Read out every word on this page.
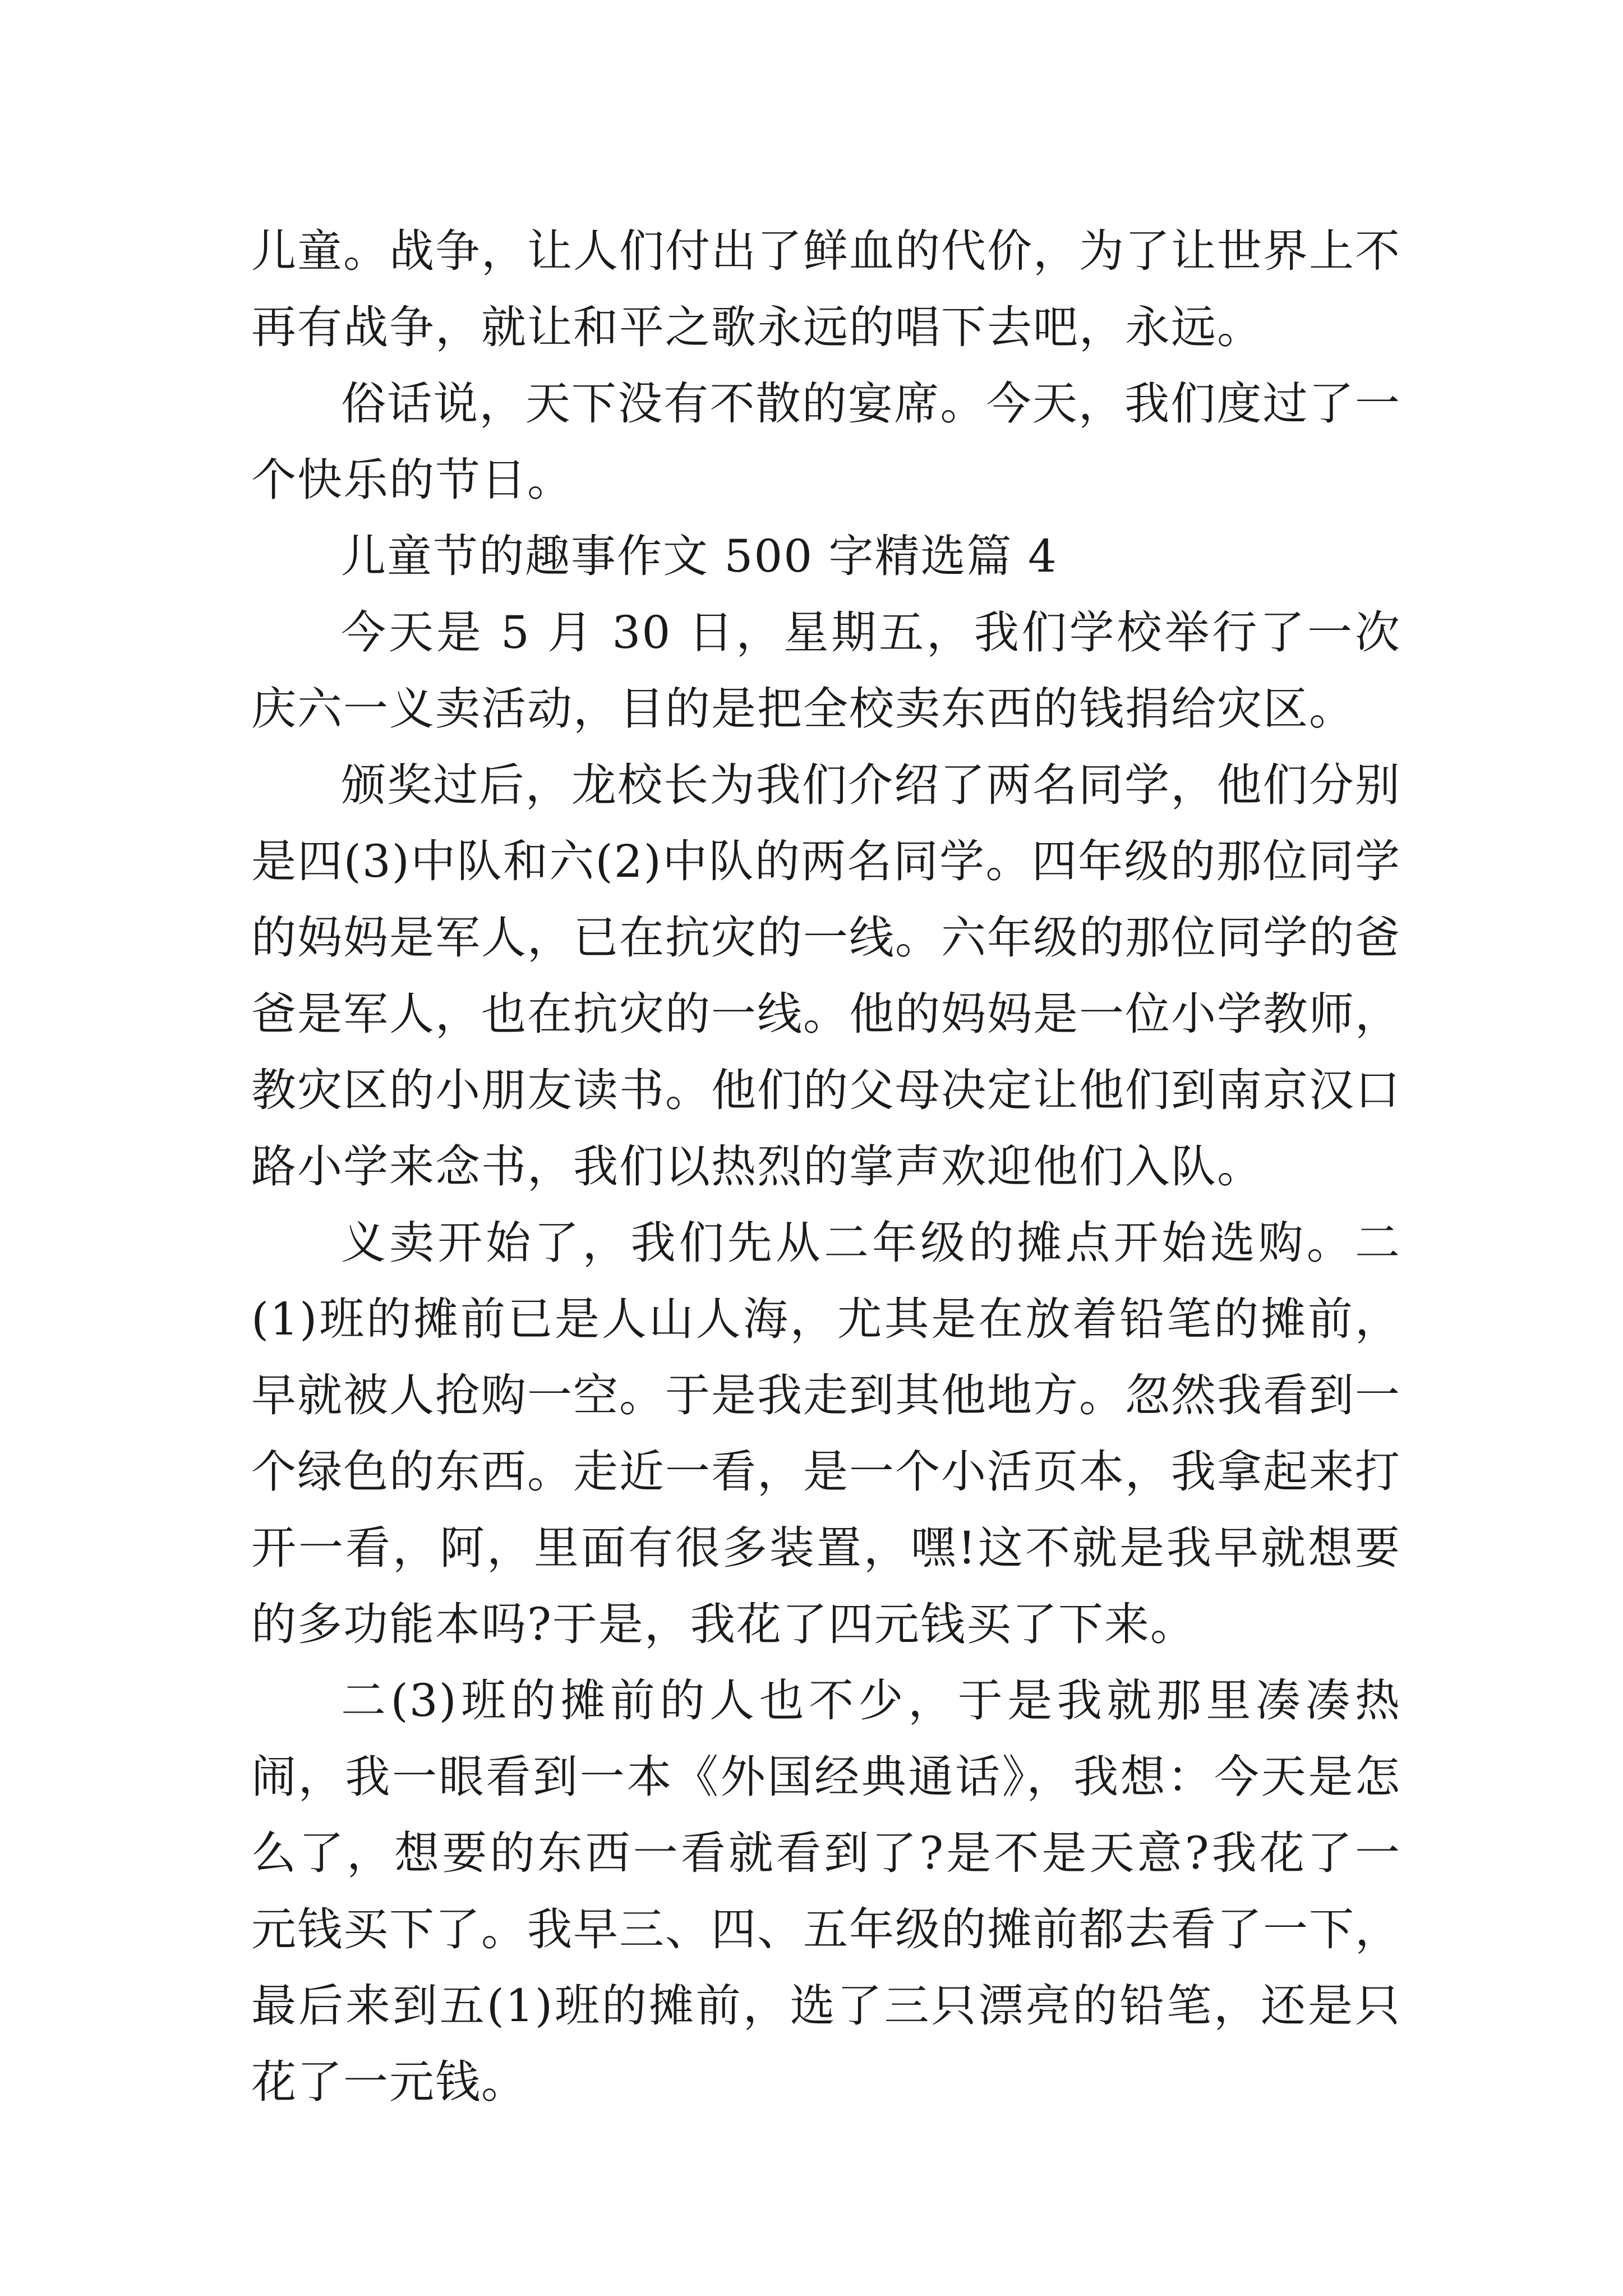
儿童。战争，让人们付出了鲜血的代价，为了让世界上不再有战争，就让和平之歌永远的唱下去吧，永远。

俗话说，天下没有不散的宴席。今天，我们度过了一个快乐的节日。

儿童节的趣事作文 500 字精选篇 4

今天是 5 月 30 日，星期五，我们学校举行了一次庆六一义卖活动，目的是把全校卖东西的钱捐给灾区。

颁奖过后，龙校长为我们介绍了两名同学，他们分别是四(3)中队和六(2)中队的两名同学。四年级的那位同学的妈妈是军人，已在抗灾的一线。六年级的那位同学的爸爸是军人，也在抗灾的一线。他的妈妈是一位小学教师，教灾区的小朋友读书。他们的父母决定让他们到南京汉口路小学来念书，我们以热烈的掌声欢迎他们入队。

义卖开始了，我们先从二年级的摊点开始选购。二(1)班的摊前已是人山人海，尤其是在放着铅笔的摊前，早就被人抢购一空。于是我走到其他地方。忽然我看到一个绿色的东西。走近一看，是一个小活页本，我拿起来打开一看，阿，里面有很多装置，嘿!这不就是我早就想要的多功能本吗?于是，我花了四元钱买了下来。

二(3)班的摊前的人也不少，于是我就那里凑凑热闹，我一眼看到一本《外国经典通话》，我想：今天是怎么了，想要的东西一看就看到了?是不是天意?我花了一元钱买下了。我早三、四、五年级的摊前都去看了一下，最后来到五(1)班的摊前，选了三只漂亮的铅笔，还是只花了一元钱。
